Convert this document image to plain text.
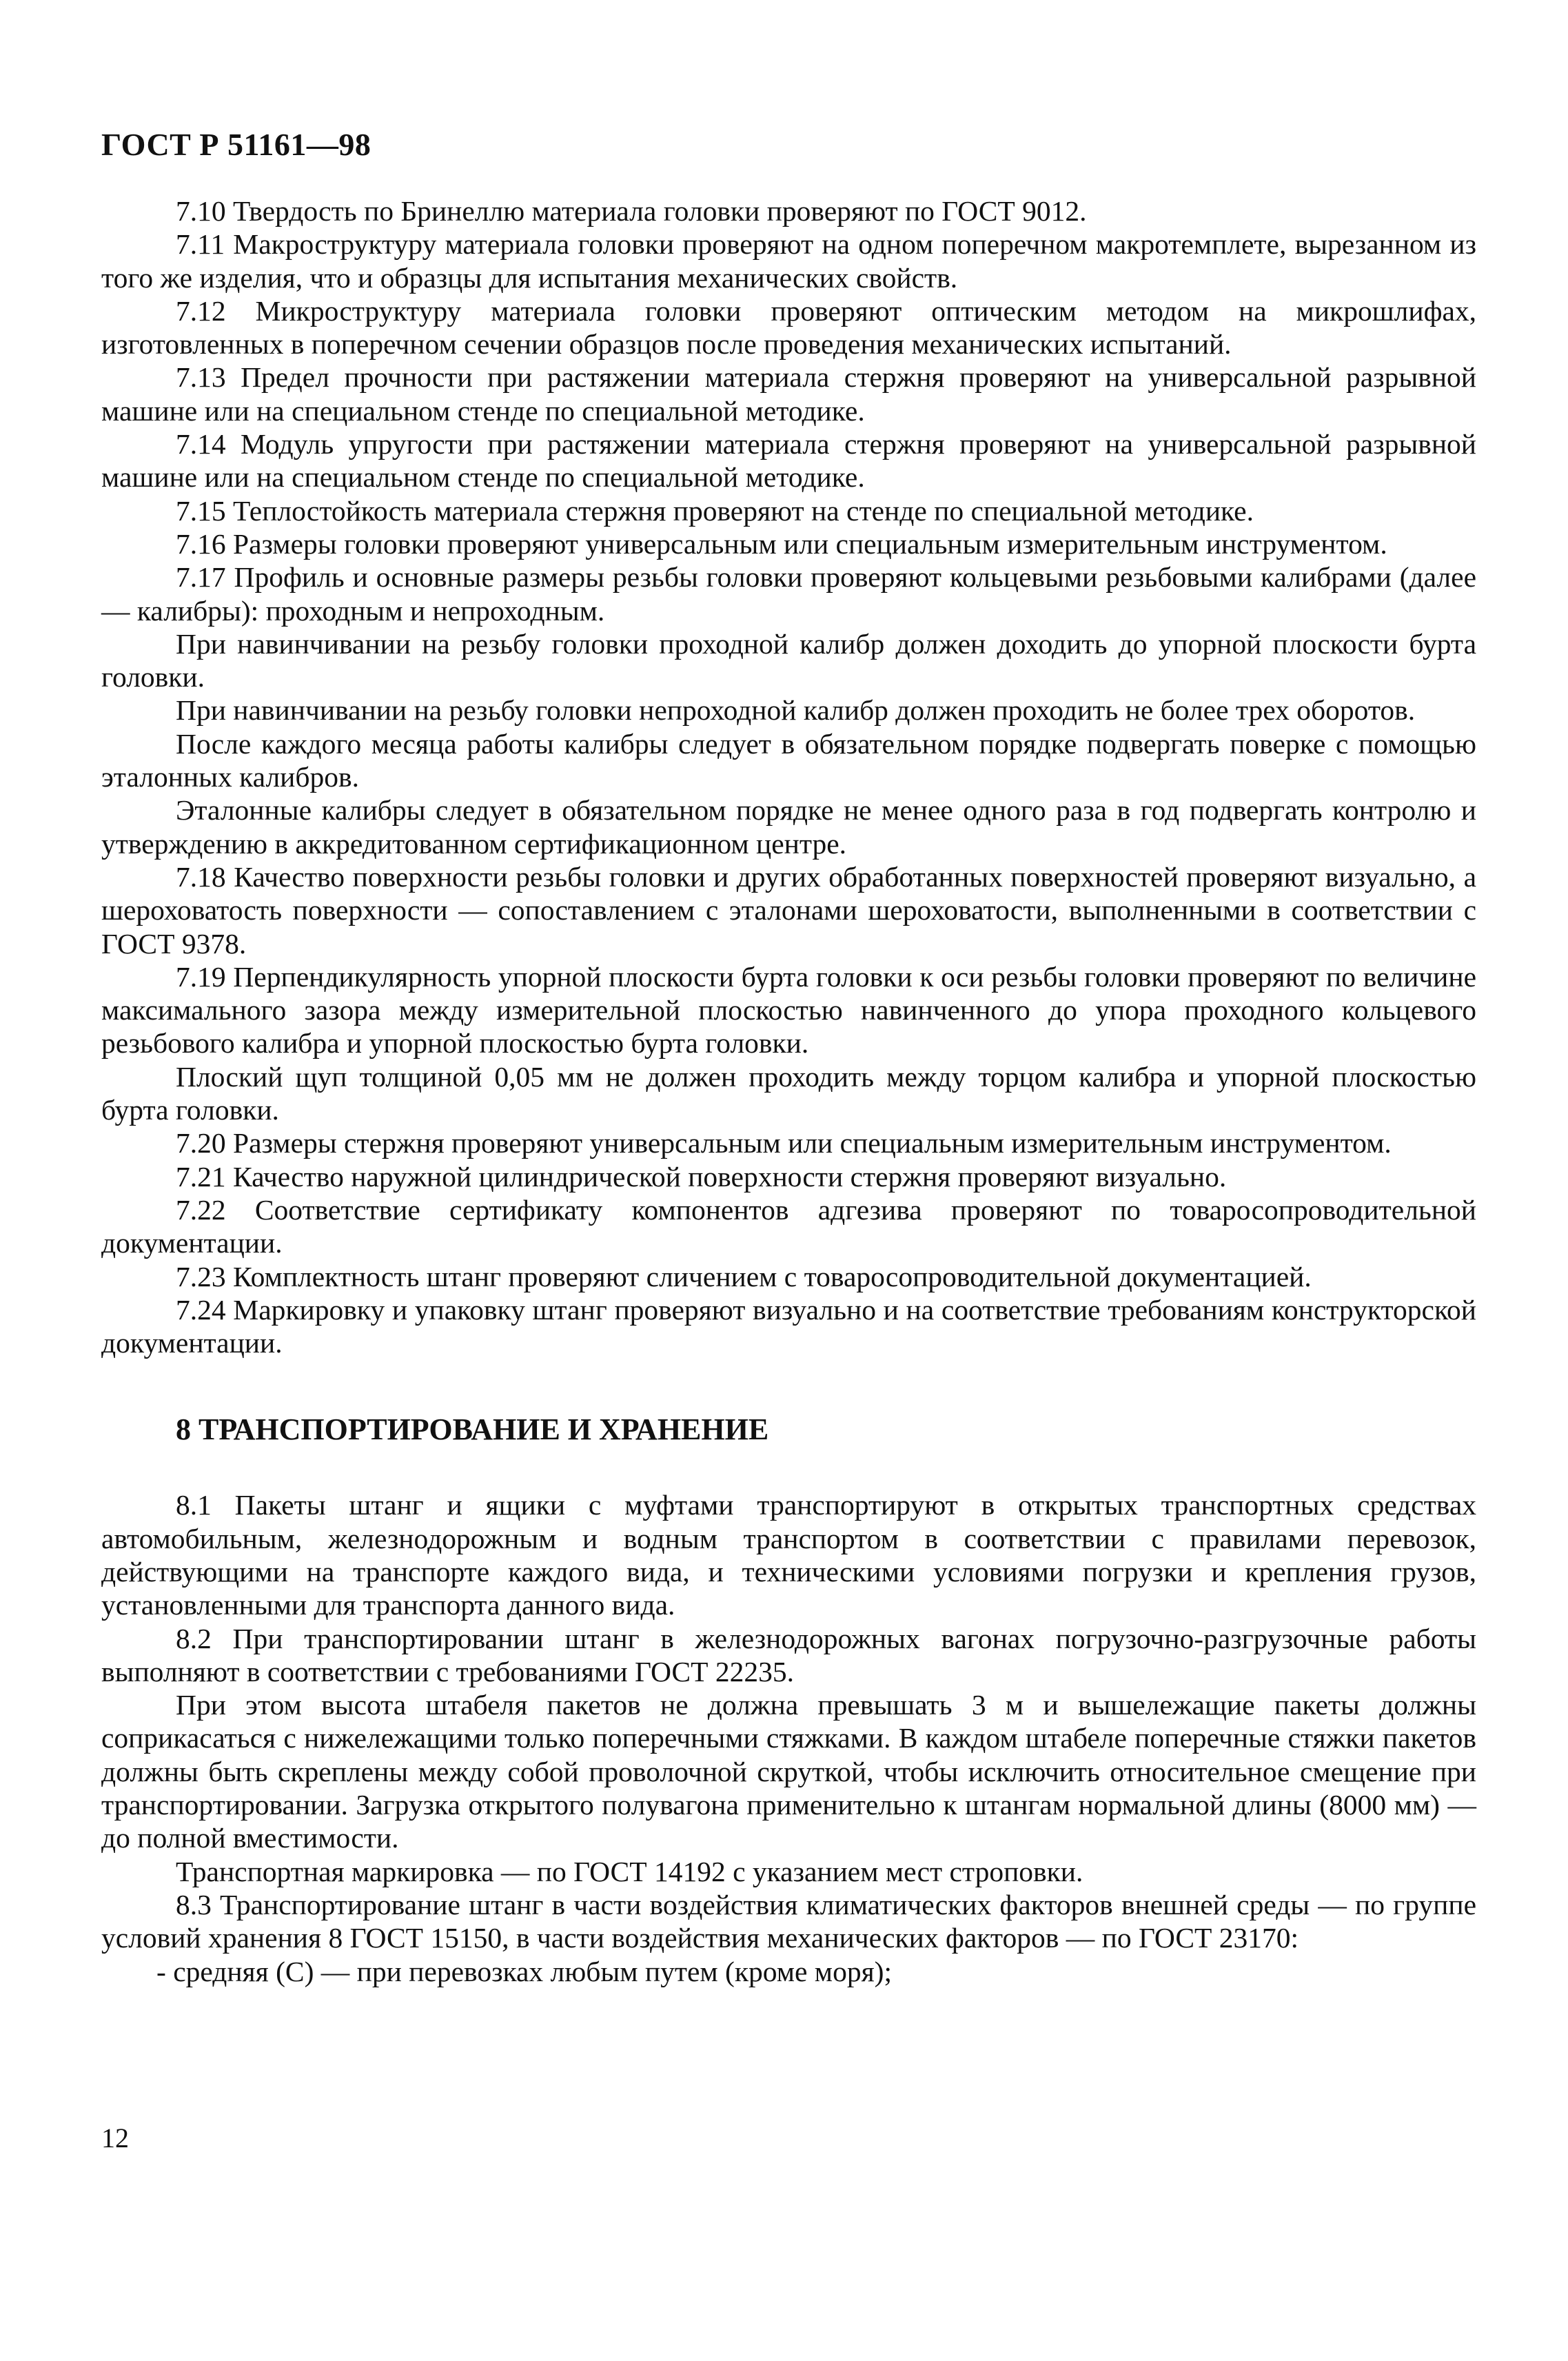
ГОСТ Р 51161—98

7.10 Твердость по Бринеллю материала головки проверяют по ГОСТ 9012.

7.11 Макроструктуру материала головки проверяют на одном поперечном макротемплете, вырезанном из того же изделия, что и образцы для испытания механических свойств.

7.12 Микроструктуру материала головки проверяют оптическим методом на микрошлифах, изготовленных в поперечном сечении образцов после проведения механических испытаний.

7.13 Предел прочности при растяжении материала стержня проверяют на универсальной разрывной машине или на специальном стенде по специальной методике.

7.14 Модуль упругости при растяжении материала стержня проверяют на универсальной разрывной машине или на специальном стенде по специальной методике.

7.15 Теплостойкость материала стержня проверяют на стенде по специальной методике.

7.16 Размеры головки проверяют универсальным или специальным измерительным инструментом.

7.17 Профиль и основные размеры резьбы головки проверяют кольцевыми резьбовыми калибрами (далее — калибры): проходным и непроходным.

При навинчивании на резьбу головки проходной калибр должен доходить до упорной плоскости бурта головки.

При навинчивании на резьбу головки непроходной калибр должен проходить не более трех оборотов.

После каждого месяца работы калибры следует в обязательном порядке подвергать поверке с помощью эталонных калибров.

Эталонные калибры следует в обязательном порядке не менее одного раза в год подвергать контролю и утверждению в аккредитованном сертификационном центре.

7.18 Качество поверхности резьбы головки и других обработанных поверхностей проверяют визуально, а шероховатость поверхности — сопоставлением с эталонами шероховатости, выполненными в соответствии с ГОСТ 9378.

7.19 Перпендикулярность упорной плоскости бурта головки к оси резьбы головки проверяют по величине максимального зазора между измерительной плоскостью навинченного до упора проходного кольцевого резьбового калибра и упорной плоскостью бурта головки.

Плоский щуп толщиной 0,05 мм не должен проходить между торцом калибра и упорной плоскостью бурта головки.

7.20 Размеры стержня проверяют универсальным или специальным измерительным инструментом.

7.21 Качество наружной цилиндрической поверхности стержня проверяют визуально.

7.22 Соответствие сертификату компонентов адгезива проверяют по товаросопроводительной документации.

7.23 Комплектность штанг проверяют сличением с товаросопроводительной документацией.

7.24 Маркировку и упаковку штанг проверяют визуально и на соответствие требованиям конструкторской документации.

8 ТРАНСПОРТИРОВАНИЕ И ХРАНЕНИЕ

8.1 Пакеты штанг и ящики с муфтами транспортируют в открытых транспортных средствах автомобильным, железнодорожным и водным транспортом в соответствии с правилами перевозок, действующими на транспорте каждого вида, и техническими условиями погрузки и крепления грузов, установленными для транспорта данного вида.

8.2 При транспортировании штанг в железнодорожных вагонах погрузочно-разгрузочные работы выполняют в соответствии с требованиями ГОСТ 22235.

При этом высота штабеля пакетов не должна превышать 3 м и вышележащие пакеты должны соприкасаться с нижележащими только поперечными стяжками. В каждом штабеле поперечные стяжки пакетов должны быть скреплены между собой проволочной скруткой, чтобы исключить относительное смещение при транспортировании. Загрузка открытого полувагона применительно к штангам нормальной длины (8000 мм) — до полной вместимости.

Транспортная маркировка — по ГОСТ 14192 с указанием мест строповки.

8.3 Транспортирование штанг в части воздействия климатических факторов внешней среды — по группе условий хранения 8 ГОСТ 15150, в части воздействия механических факторов — по ГОСТ 23170:

- средняя (С) — при перевозках любым путем (кроме моря);

12
